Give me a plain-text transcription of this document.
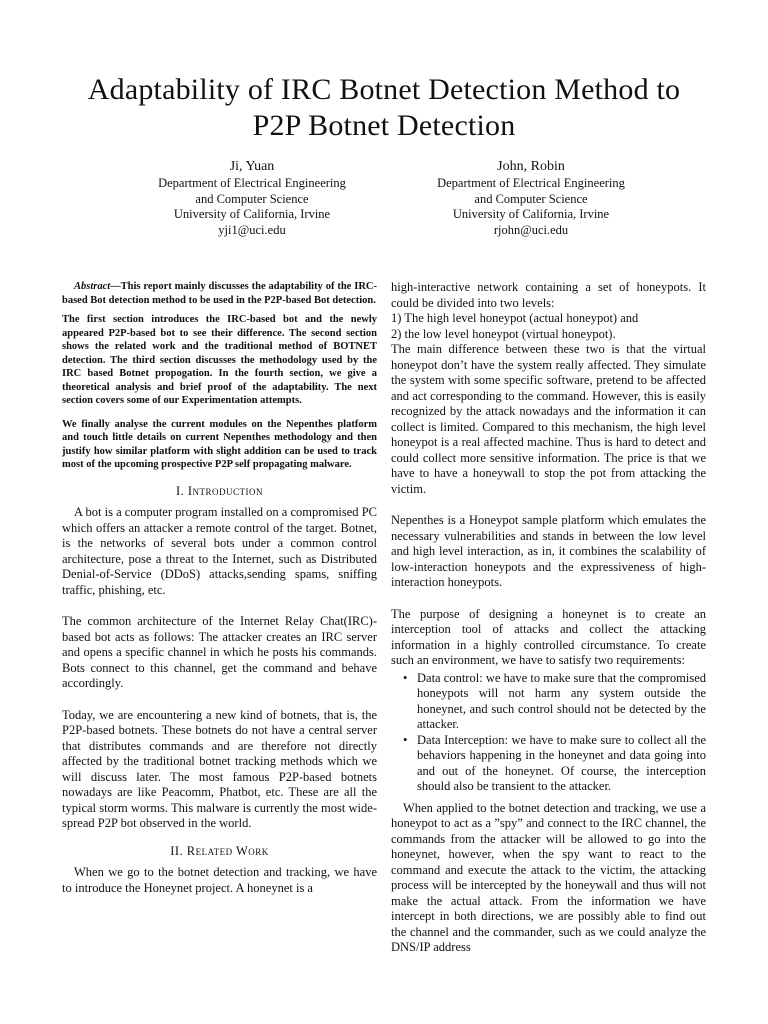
Adaptability of IRC Botnet Detection Method to
P2P Botnet Detection
Ji, Yuan
Department of Electrical Engineering
and Computer Science
University of California, Irvine
yji1@uci.edu
John, Robin
Department of Electrical Engineering
and Computer Science
University of California, Irvine
rjohn@uci.edu

Abstract—This report mainly discusses the adaptability of the IRC-based Bot detection method to be used in the P2P-based Bot detection.

The first section introduces the IRC-based bot and the newly appeared P2P-based bot to see their difference. The second section shows the related work and the traditional method of BOTNET detection. The third section discusses the methodology used by the IRC based Botnet propogation. In the fourth section, we give a theoretical analysis and brief proof of the adaptability. The next section covers some of our Experimentation attempts.

We finally analyse the current modules on the Nepenthes platform and touch little details on current Nepenthes methodology and then justify how similar platform with slight addition can be used to track most of the upcoming prospective P2P self propagating malware.

I. Introduction

A bot is a computer program installed on a compromised PC which offers an attacker a remote control of the target. Botnet, is the networks of several bots under a common control architecture, pose a threat to the Internet, such as Distributed Denial-of-Service (DDoS) attacks,sending spams, sniffing traffic, phishing, etc.

The common architecture of the Internet Relay Chat(IRC)-based bot acts as follows: The attacker creates an IRC server and opens a specific channel in which he posts his commands. Bots connect to this channel, get the command and behave accordingly.

Today, we are encountering a new kind of botnets, that is, the P2P-based botnets. These botnets do not have a central server that distributes commands and are therefore not directly affected by the traditional botnet tracking methods which we will discuss later. The most famous P2P-based botnets nowadays are like Peacomm, Phatbot, etc. These are all the typical storm worms. This malware is currently the most wide-spread P2P bot observed in the world.

II. Related Work

When we go to the botnet detection and tracking, we have to introduce the Honeynet project. A honeynet is a

high-interactive network containing a set of honeypots. It could be divided into two levels:
1) The high level honeypot (actual honeypot) and
2) the low level honeypot (virtual honeypot).
The main difference between these two is that the virtual honeypot don’t have the system really affected. They simulate the system with some specific software, pretend to be affected and act corresponding to the command. However, this is easily recognized by the attack nowadays and the information it can collect is limited. Compared to this mechanism, the high level honeypot is a real affected machine. Thus is hard to detect and could collect more sensitive information. The price is that we have to have a honeywall to stop the pot from attacking the victim.

Nepenthes is a Honeypot sample platform which emulates the necessary vulnerabilities and stands in between the low level and high level interaction, as in, it combines the scalability of low-interaction honeypots and the expressiveness of high-interaction honeypots.

The purpose of designing a honeynet is to create an interception tool of attacks and collect the attacking information in a highly controlled circumstance. To create such an environment, we have to satisfy two requirements:

• Data control: we have to make sure that the compromised honeypots will not harm any system outside the honeynet, and such control should not be detected by the attacker.
• Data Interception: we have to make sure to collect all the behaviors happening in the honeynet and data going into and out of the honeynet. Of course, the interception should also be transient to the attacker.

When applied to the botnet detection and tracking, we use a honeypot to act as a ”spy” and connect to the IRC channel, the commands from the attacker will be allowed to go into the honeynet, however, when the spy want to react to the command and execute the attack to the victim, the attacking process will be intercepted by the honeywall and thus will not make the actual attack. From the information we have intercept in both directions, we are possibly able to find out the channel and the commander, such as we could analyze the DNS/IP address
